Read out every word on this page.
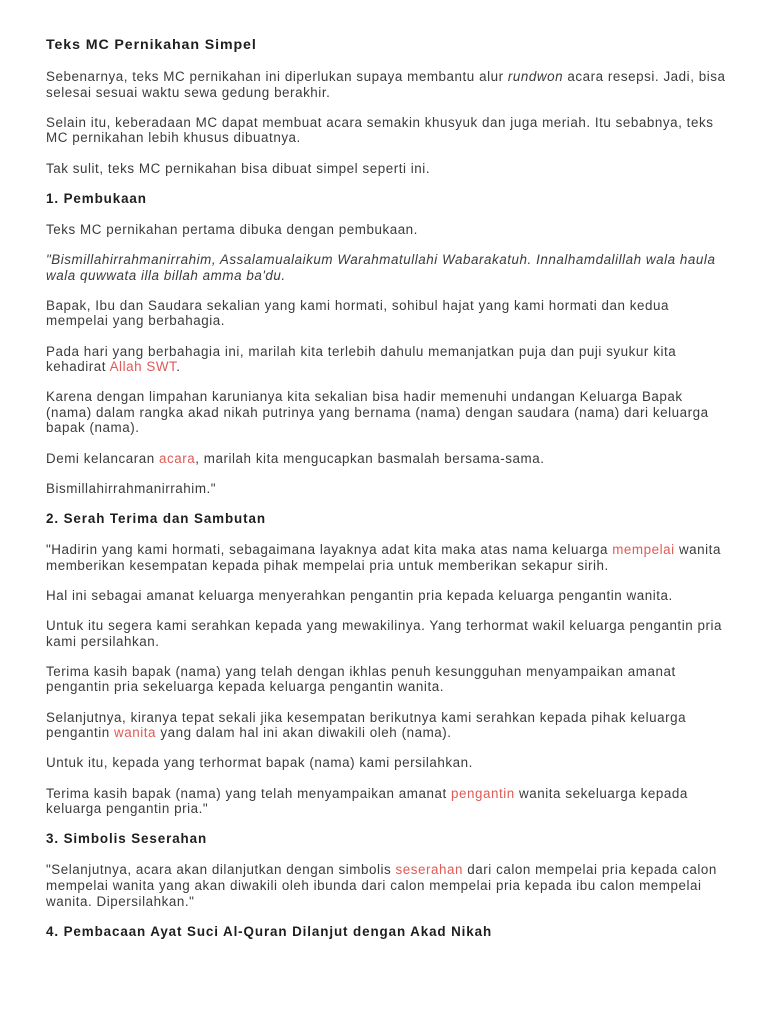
Teks MC Pernikahan Simpel

Sebenarnya, teks MC pernikahan ini diperlukan supaya membantu alur rundwon acara resepsi. Jadi, bisa selesai sesuai waktu sewa gedung berakhir.

Selain itu, keberadaan MC dapat membuat acara semakin khusyuk dan juga meriah. Itu sebabnya, teks MC pernikahan lebih khusus dibuatnya.

Tak sulit, teks MC pernikahan bisa dibuat simpel seperti ini.

1. Pembukaan

Teks MC pernikahan pertama dibuka dengan pembukaan.

"Bismillahirrahmanirrahim, Assalamualaikum Warahmatullahi Wabarakatuh. Innalhamdalillah wala haula wala quwwata illa billah amma ba'du.

Bapak, Ibu dan Saudara sekalian yang kami hormati, sohibul hajat yang kami hormati dan kedua mempelai yang berbahagia.

Pada hari yang berbahagia ini, marilah kita terlebih dahulu memanjatkan puja dan puji syukur kita kehadirat Allah SWT.

Karena dengan limpahan karunianya kita sekalian bisa hadir memenuhi undangan Keluarga Bapak (nama) dalam rangka akad nikah putrinya yang bernama (nama) dengan saudara (nama) dari keluarga bapak (nama).

Demi kelancaran acara, marilah kita mengucapkan basmalah bersama-sama.

Bismillahirrahmanirrahim."

2. Serah Terima dan Sambutan

"Hadirin yang kami hormati, sebagaimana layaknya adat kita maka atas nama keluarga mempelai wanita memberikan kesempatan kepada pihak mempelai pria untuk memberikan sekapur sirih.

Hal ini sebagai amanat keluarga menyerahkan pengantin pria kepada keluarga pengantin wanita.

Untuk itu segera kami serahkan kepada yang mewakilinya. Yang terhormat wakil keluarga pengantin pria kami persilahkan.

Terima kasih bapak (nama) yang telah dengan ikhlas penuh kesungguhan menyampaikan amanat pengantin pria sekeluarga kepada keluarga pengantin wanita.

Selanjutnya, kiranya tepat sekali jika kesempatan berikutnya kami serahkan kepada pihak keluarga pengantin wanita yang dalam hal ini akan diwakili oleh (nama).

Untuk itu, kepada yang terhormat bapak (nama) kami persilahkan.

Terima kasih bapak (nama) yang telah menyampaikan amanat pengantin wanita sekeluarga kepada keluarga pengantin pria."

3. Simbolis Seserahan

"Selanjutnya, acara akan dilanjutkan dengan simbolis seserahan dari calon mempelai pria kepada calon mempelai wanita yang akan diwakili oleh ibunda dari calon mempelai pria kepada ibu calon mempelai wanita. Dipersilahkan."

4. Pembacaan Ayat Suci Al-Quran Dilanjut dengan Akad Nikah
